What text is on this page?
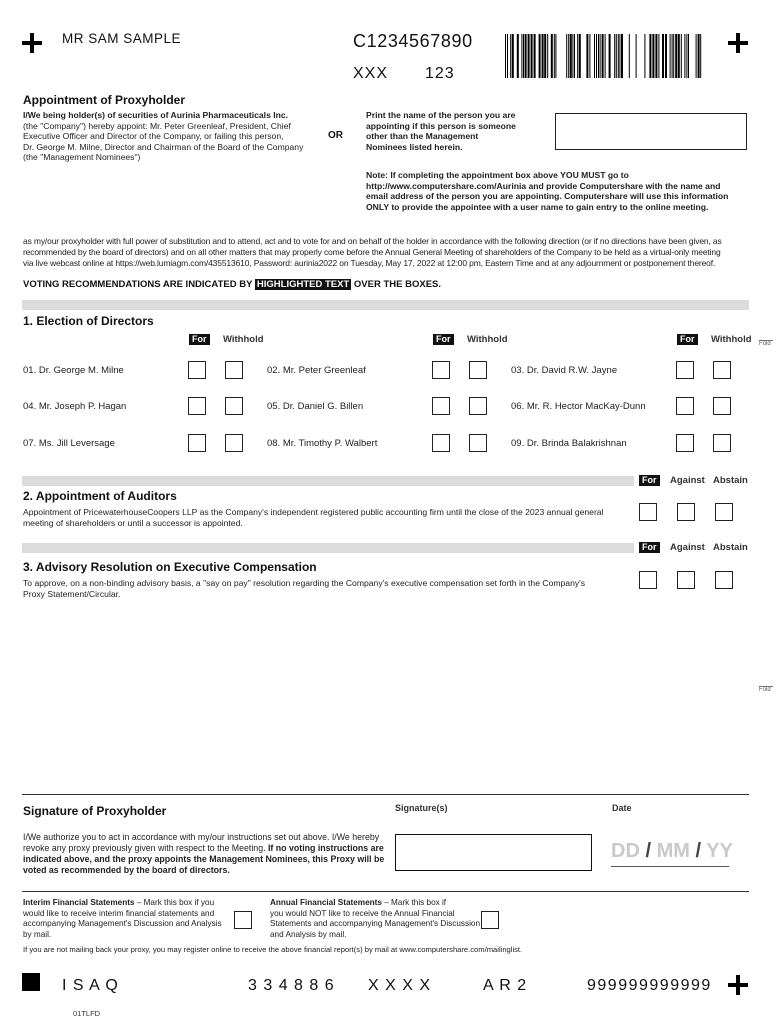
MR SAM SAMPLE	C1234567890
XXX 123
Appointment of Proxyholder
I/We being holder(s) of securities of Aurinia Pharmaceuticals Inc.
(the "Company") hereby appoint: Mr. Peter Greenleaf, President, Chief
Executive Officer and Director of the Company, or failing this person,
Dr. George M. Milne, Director and Chairman of the Board of the Company
(the "Management Nominees")
OR
Print the name of the person you are
appointing if this person is someone
other than the Management
Nominees listed herein.
Note: If completing the appointment box above YOU MUST go to
http://www.computershare.com/Aurinia and provide Computershare with the name and
email address of the person you are appointing. Computershare will use this information
ONLY to provide the appointee with a user name to gain entry to the online meeting.
as my/our proxyholder with full power of substitution and to attend, act and to vote for and on behalf of the holder in accordance with the following direction (or if no directions have been given, as
recommended by the board of directors) and on all other matters that may properly come before the Annual General Meeting of shareholders of the Company to be held as a virtual-only meeting
via live webcast online at https://web.lumiagm.com/435513610, Password: aurinia2022 on Tuesday, May 17, 2022 at 12:00 pm, Eastern Time and at any adjournment or postponement thereof.
VOTING RECOMMENDATIONS ARE INDICATED BY HIGHLIGHTED TEXT OVER THE BOXES.
1. Election of Directors
For	Withhold	For	Withhold	For	Withhold Fold
01. Dr. George M. Milne	02. Mr. Peter Greenleaf	03. Dr. David R.W. Jayne
04. Mr. Joseph P. Hagan	05. Dr. Daniel G. Billen	06. Mr. R. Hector MacKay-Dunn
07. Ms. Jill Leversage	08. Mr. Timothy P. Walbert	09. Dr. Brinda Balakrishnan
For	Against Abstain
2. Appointment of Auditors
Appointment of PricewaterhouseCoopers LLP as the Company's independent registered public accounting firm until the close of the 2023 annual general
meeting of shareholders or until a successor is appointed.
For	Against Abstain
3. Advisory Resolution on Executive Compensation
To approve, on a non-binding advisory basis, a "say on pay" resolution regarding the Company's executive compensation set forth in the Company's
Proxy Statement/Circular.
Fold
Signature of Proxyholder	Signature(s)	Date
I/We authorize you to act in accordance with my/our instructions set out above. I/We hereby
revoke any proxy previously given with respect to the Meeting. If no voting instructions are
indicated above, and the proxy appoints the Management Nominees, this Proxy will be
voted as recommended by the board of directors.
DD / MM / YY
Interim Financial Statements – Mark this box if you
would like to receive interim financial statements and
accompanying Management's Discussion and Analysis
by mail.
Annual Financial Statements – Mark this box if
you would NOT like to receive the Annual Financial
Statements and accompanying Management's Discussion
and Analysis by mail.
If you are not mailing back your proxy, you may register online to receive the above financial report(s) by mail at www.computershare.com/mailinglist.
I S A Q	3 3 4 8 8 6 X X X X	A R 2	999999999999
01TLFD
